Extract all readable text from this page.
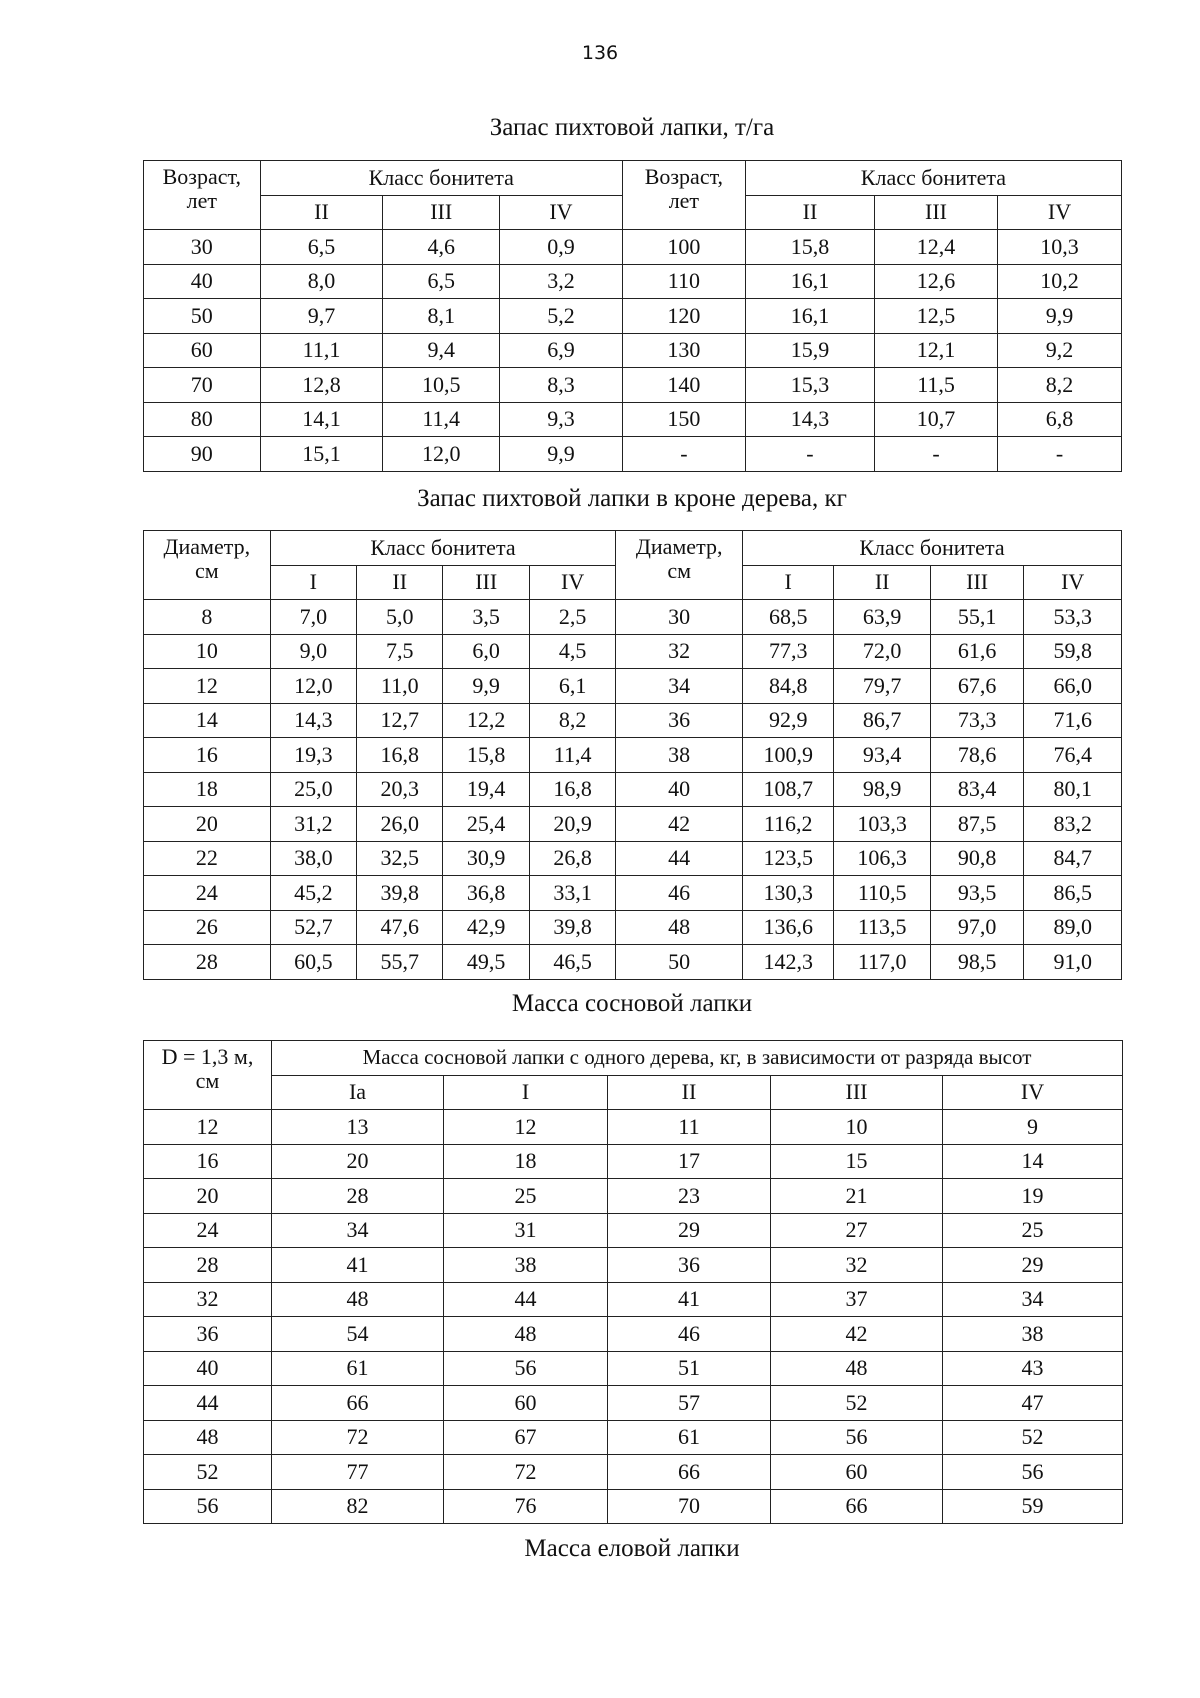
136
Запас пихтовой лапки, т/га
Возраст,
лет	Класс бонитета			Возраст,
лет	Класс бонитета		
	II	III	IV		II	III	IV
30	6,5	4,6	0,9	100	15,8	12,4	10,3
40	8,0	6,5	3,2	110	16,1	12,6	10,2
50	9,7	8,1	5,2	120	16,1	12,5	9,9
60	11,1	9,4	6,9	130	15,9	12,1	9,2
70	12,8	10,5	8,3	140	15,3	11,5	8,2
80	14,1	11,4	9,3	150	14,3	10,7	6,8
90	15,1	12,0	9,9	-	-	-	-
Запас пихтовой лапки в кроне дерева, кг
Диаметр,
см	Класс бонитета				Диаметр,
см	Класс бонитета			
	I	II	III	IV		I	II	III	IV
8	7,0	5,0	3,5	2,5	30	68,5	63,9	55,1	53,3
10	9,0	7,5	6,0	4,5	32	77,3	72,0	61,6	59,8
12	12,0	11,0	9,9	6,1	34	84,8	79,7	67,6	66,0
14	14,3	12,7	12,2	8,2	36	92,9	86,7	73,3	71,6
16	19,3	16,8	15,8	11,4	38	100,9	93,4	78,6	76,4
18	25,0	20,3	19,4	16,8	40	108,7	98,9	83,4	80,1
20	31,2	26,0	25,4	20,9	42	116,2	103,3	87,5	83,2
22	38,0	32,5	30,9	26,8	44	123,5	106,3	90,8	84,7
24	45,2	39,8	36,8	33,1	46	130,3	110,5	93,5	86,5
26	52,7	47,6	42,9	39,8	48	136,6	113,5	97,0	89,0
28	60,5	55,7	49,5	46,5	50	142,3	117,0	98,5	91,0
Масса сосновой лапки
D = 1,3 м,
см	Масса сосновой лапки с одного дерева, кг, в зависимости от разряда высот				
	Ia	I	II	III	IV
12	13	12	11	10	9
16	20	18	17	15	14
20	28	25	23	21	19
24	34	31	29	27	25
28	41	38	36	32	29
32	48	44	41	37	34
36	54	48	46	42	38
40	61	56	51	48	43
44	66	60	57	52	47
48	72	67	61	56	52
52	77	72	66	60	56
56	82	76	70	66	59
Масса еловой лапки
